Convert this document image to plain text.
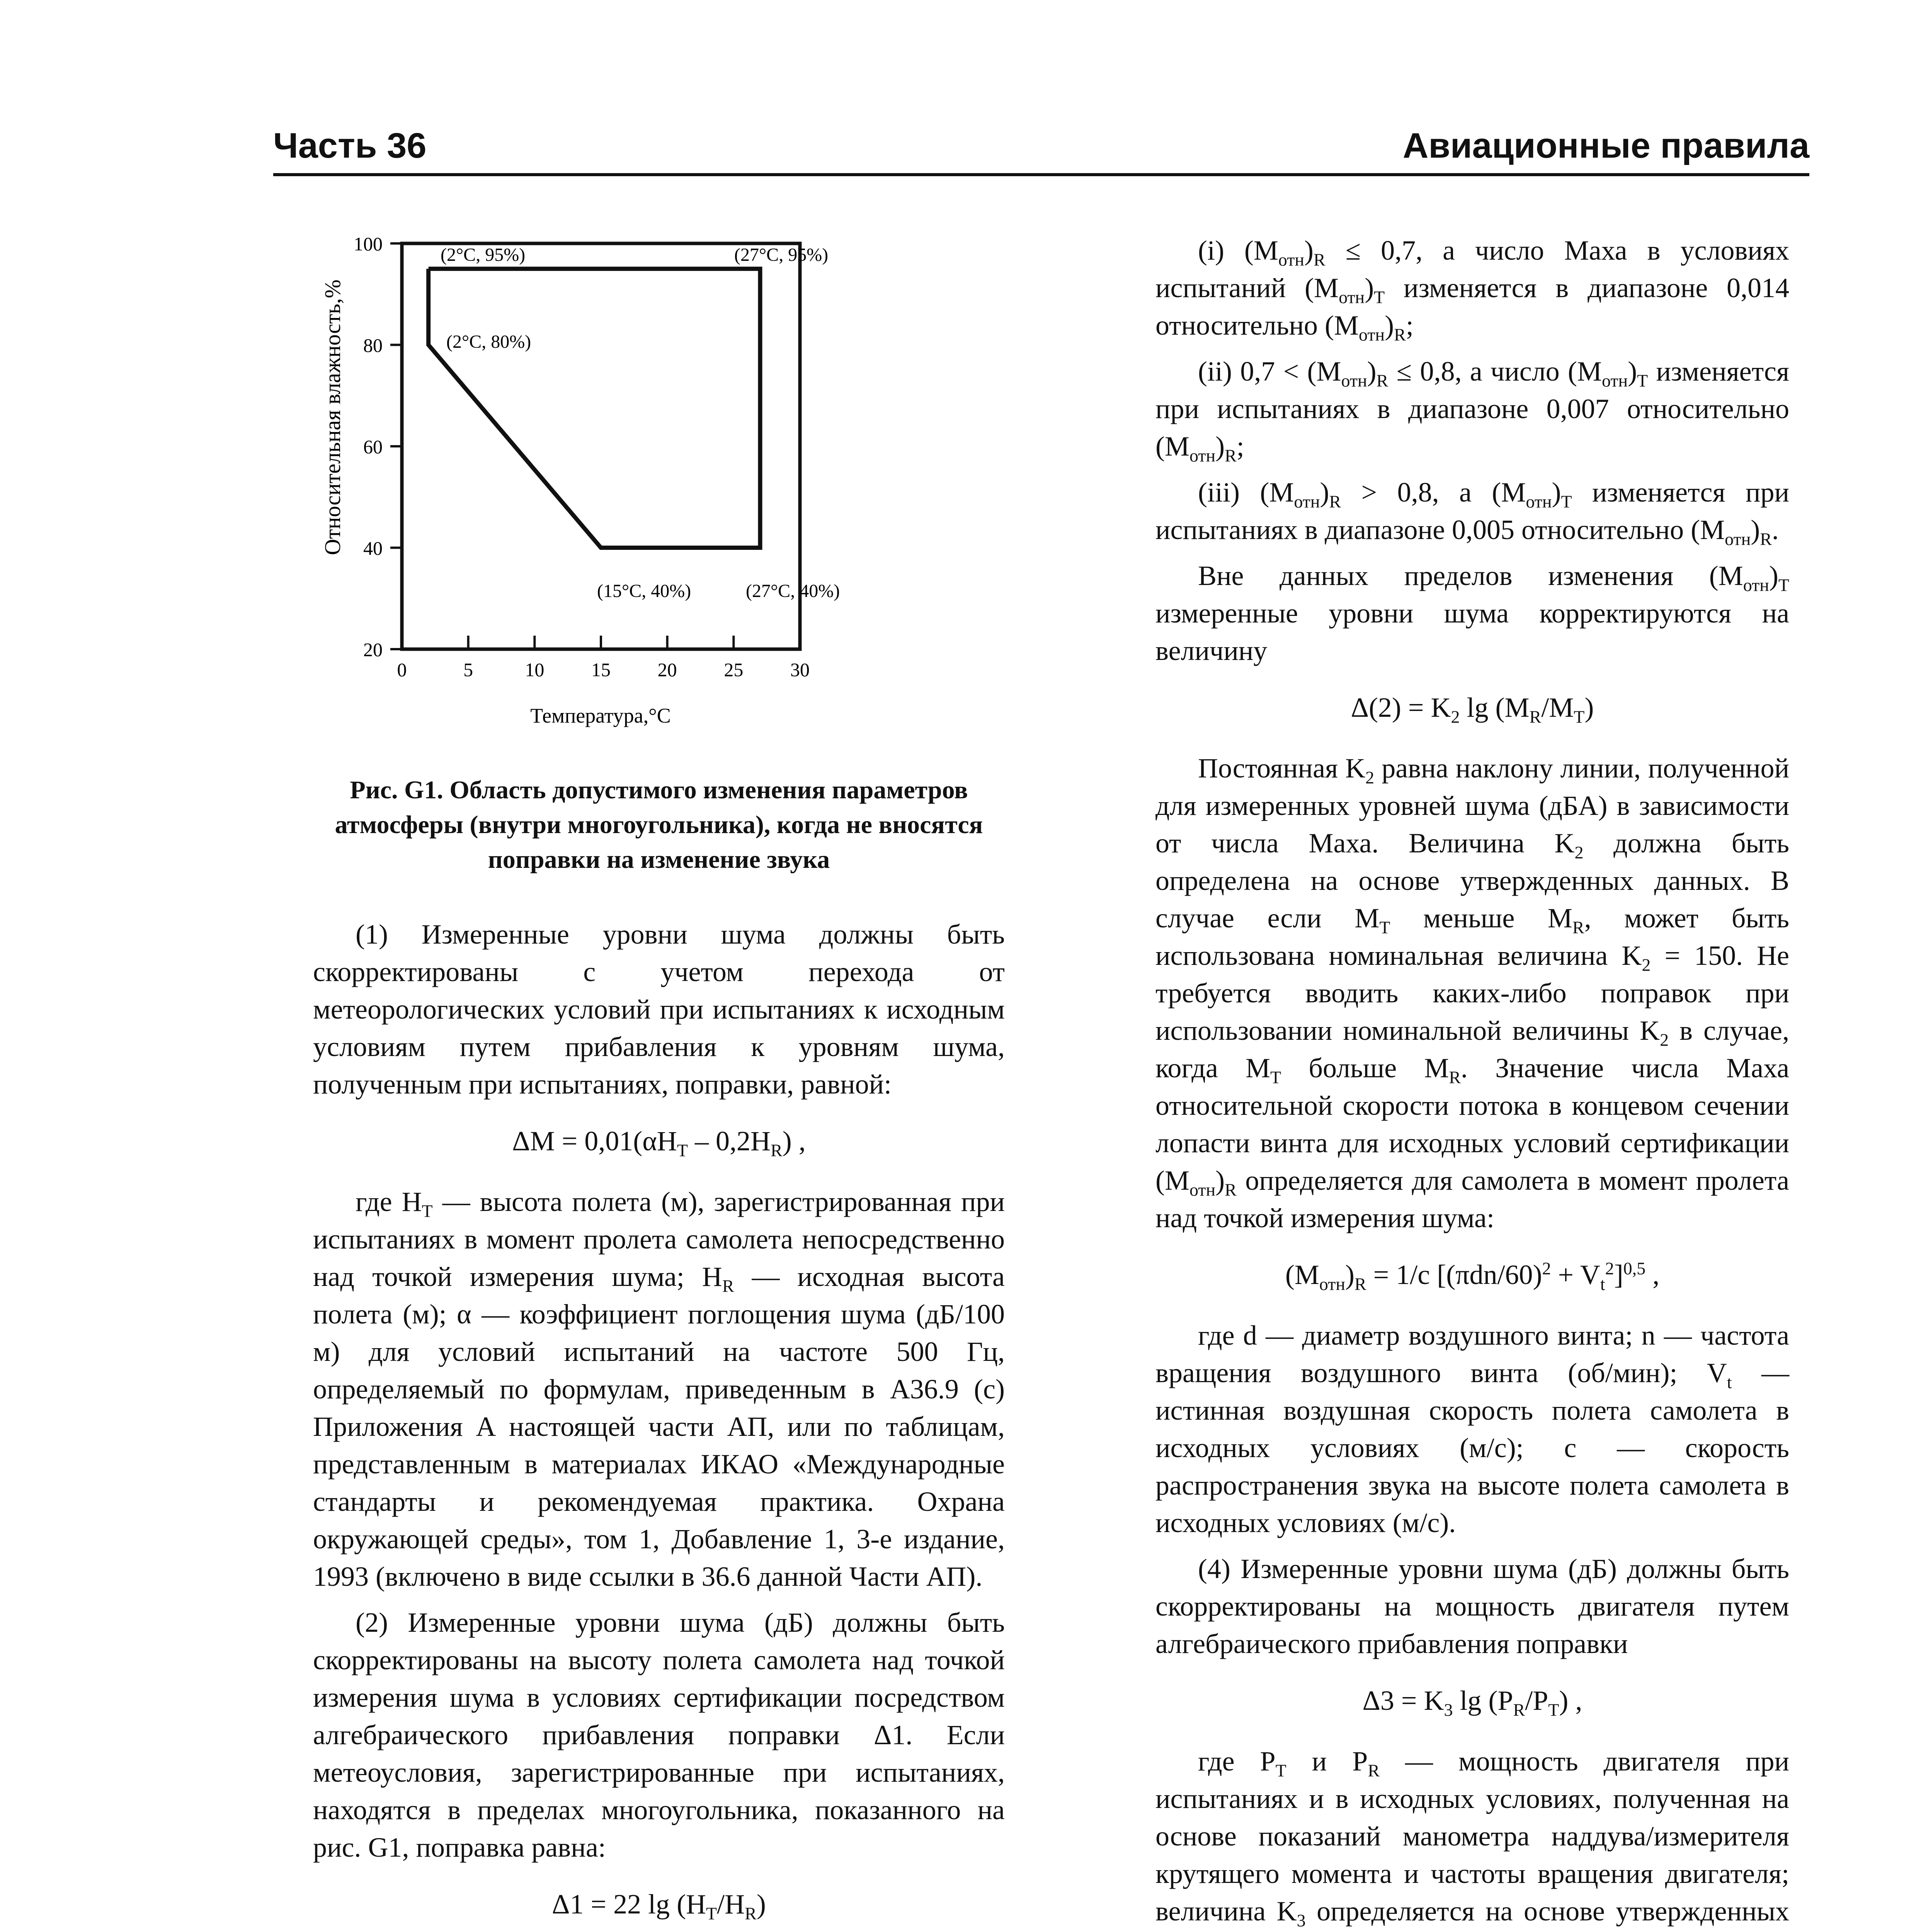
Часть 36	Авиационные правила
0	5	10 15 20 25 30
20
40
60
80
100
Относительная влажность,%
Температура,°С
(2°С, 95%)	(27°С, 95%)
(2°С, 80%)
(15°С, 40%)	(27°С, 40%)

Рис. G1. Область допустимого изменения параметров атмосферы (внутри многоугольника), когда не вносятся поправки на изменение звука

(1) Измеренные уровни шума должны быть скорректированы с учетом перехода от метеорологических условий при испытаниях к исходным условиям путем прибавления к уровням шума, полученным при испытаниях, поправки, равной:

$\Delta M = 0,01(\alpha H_T - 0,2H_R)$ ,

где $H_T$ — высота полета (м), зарегистрированная при испытаниях в момент пролета самолета непосредственно над точкой измерения шума; $H_R$ — исходная высота полета (м); α — коэффициент поглощения шума (дБ/100 м) для условий испытаний на частоте 500 Гц, определяемый по формулам, приведенным в А36.9 (с) Приложения А настоящей части АП, или по таблицам, представленным в материалах ИКАО «Международные стандарты и рекомендуемая практика. Охрана окружающей среды», том 1, Добавление 1, 3-е издание, 1993 (включено в виде ссылки в 36.6 данной Части АП).

(2) Измеренные уровни шума (дБ) должны быть скорректированы на высоту полета самолета над точкой измерения шума в условиях сертификации посредством алгебраического прибавления поправки Δ1. Если метеоусловия, зарегистрированные при испытаниях, находятся в пределах многоугольника, показанного на рис. G1, поправка равна:

Δ1 = 22 $\lg (H_T/H_R)$

(i) $(M_{отн})_R \le 0,7$, а число Маха в условиях испытаний $(M_{отн})_T$ изменяется в диапазоне 0,014 относительно $(M_{отн})_R$;

(ii) $0,7 < (M_{отн})_R \le 0,8$, а число $(M_{отн})_T$ изменяется при испытаниях в диапазоне 0,007 относительно $(M_{отн})_R$;

(iii) $(M_{отн})_R > 0,8$, а $(M_{отн})_T$ изменяется при испытаниях в диапазоне 0,005 относительно $(M_{отн})_R$.

Вне данных пределов изменения $(M_{отн})_T$ измеренные уровни шума корректируются на величину

$\Delta(2) = K_2$ $\lg (M_R/M_T)$

Постоянная $K_2$ равна наклону линии, полученной для измеренных уровней шума (дБА) в зависимости от числа Маха. Величина $K_2$ должна быть определена на основе утвержденных данных. В случае если $M_T$ меньше $M_R$, может быть использована номинальная величина $K_2 = 150$. Не требуется вводить каких-либо поправок при использовании номинальной величины $K_2$ в случае, когда $M_T$ больше $M_R$. Значение числа Маха относительной скорости потока в концевом сечении лопасти винта для исходных условий сертификации $(M_{отн})_R$ определяется для самолета в момент пролета над точкой измерения шума:

$(M_{отн})_R = 1/c$ $[(\pi dn/60)^2 + V_t^2]^{0,5}$ ,

где d — диаметр воздушного винта; n — частота вращения воздушного винта (об/мин); $V_t$ — истинная воздушная скорость полета самолета в исходных условиях (м/с); с — скорость распространения звука на высоте полета самолета в исходных условиях (м/с).

(4) Измеренные уровни шума (дБ) должны быть скорректированы на мощность двигателя путем алгебраического прибавления поправки

$\Delta 3 = K_3$ $\lg (P_R/P_T)$ ,

где $P_T$ и $P_R$ — мощность двигателя при испытаниях и в исходных условиях, полученная на основе показаний манометра наддува/измерителя крутящего момента и частоты вращения двигателя; величина $K_3$ определяется на основе утвержденных
